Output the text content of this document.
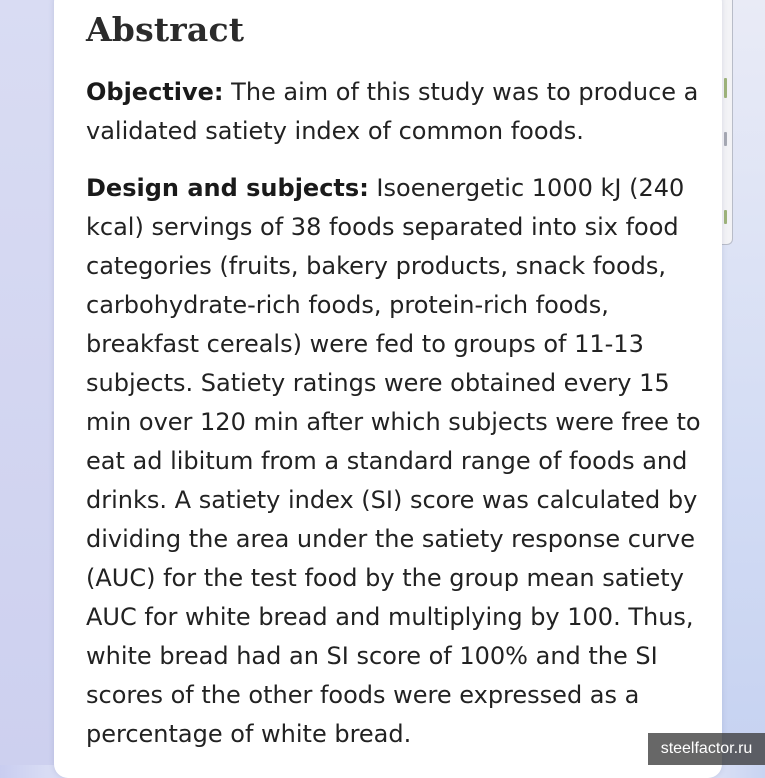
Abstract

Objective: The aim of this study was to produce a
validated satiety index of common foods.

Design and subjects: Isoenergetic 1000 kJ (240
kcal) servings of 38 foods separated into six food
categories (fruits, bakery products, snack foods,
carbohydrate-rich foods, protein-rich foods,
breakfast cereals) were fed to groups of 11-13
subjects. Satiety ratings were obtained every 15
min over 120 min after which subjects were free to
eat ad libitum from a standard range of foods and
drinks. A satiety index (SI) score was calculated by
dividing the area under the satiety response curve
(AUC) for the test food by the group mean satiety
AUC for white bread and multiplying by 100. Thus,
white bread had an SI score of 100% and the SI
scores of the other foods were expressed as a
percentage of white bread.

steelfactor.ru
